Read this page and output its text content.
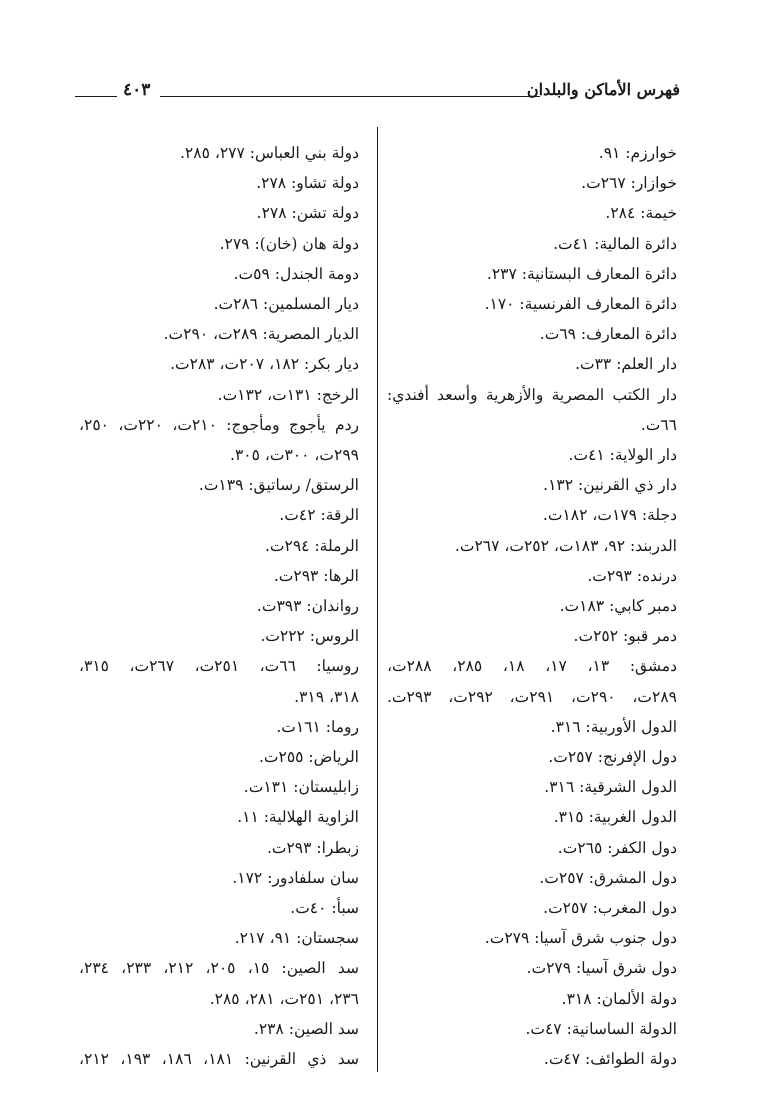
فهرس الأماكن والبلدان
٤٠٣
خوارزم: ٩١.
خوازار: ٢٦٧ت.
خيمة: ٢٨٤.
دائرة المالية: ٤١ت.
دائرة المعارف البستانية: ٢٣٧.
دائرة المعارف الفرنسية: ١٧٠.
دائرة المعارف: ٦٩ت.
دار العلم: ٣٣ت.
دار الكتب المصرية والأزهرية وأسعد أفندي:
٦٦ت.
دار الولاية: ٤١ت.
دار ذي القرنين: ١٣٢.
دجلة: ١٧٩ت، ١٨٢ت.
الدربند: ٩٢، ١٨٣ت، ٢٥٢ت، ٢٦٧ت.
درنده: ٢٩٣ت.
دمبر كابي: ١٨٣ت.
دمر قبو: ٢٥٢ت.
دمشق: ١٣، ١٧، ١٨، ٢٨٥، ٢٨٨ت،
٢٨٩ت، ٢٩٠ت، ٢٩١ت، ٢٩٢ت، ٢٩٣ت.
الدول الأوربية: ٣١٦.
دول الإفرنج: ٢٥٧ت.
الدول الشرقية: ٣١٦.
الدول الغربية: ٣١٥.
دول الكفر: ٢٦٥ت.
دول المشرق: ٢٥٧ت.
دول المغرب: ٢٥٧ت.
دول جنوب شرق آسيا: ٢٧٩ت.
دول شرق آسيا: ٢٧٩ت.
دولة الألمان: ٣١٨.
الدولة الساسانية: ٤٧ت.
دولة الطوائف: ٤٧ت.
دولة بني العباس: ٢٧٧، ٢٨٥.
دولة تشاو: ٢٧٨.
دولة تشن: ٢٧٨.
دولة هان (خان): ٢٧٩.
دومة الجندل: ٥٩ت.
ديار المسلمين: ٢٨٦ت.
الديار المصرية: ٢٨٩ت، ٢٩٠ت.
ديار بكر: ١٨٢، ٢٠٧ت، ٢٨٣ت.
الرخج: ١٣١ت، ١٣٢ت.
ردم يأجوج ومأجوج: ٢١٠ت، ٢٢٠ت، ٢٥٠،
٢٩٩ت، ٣٠٠ت، ٣٠٥.
الرستق/ رساتيق: ١٣٩ت.
الرقة: ٤٢ت.
الرملة: ٢٩٤ت.
الرها: ٢٩٣ت.
رواندان: ٣٩٣ت.
الروس: ٢٢٢ت.
روسيا: ٦٦ت، ٢٥١ت، ٢٦٧ت، ٣١٥،
٣١٨، ٣١٩.
روما: ١٦١ت.
الرياض: ٢٥٥ت.
زابليستان: ١٣١ت.
الزاوية الهلالية: ١١.
زبطرا: ٢٩٣ت.
سان سلفادور: ١٧٢.
سبأ: ٤٠ت.
سجستان: ٩١، ٢١٧.
سد الصين: ١٥، ٢٠٥، ٢١٢، ٢٣٣، ٢٣٤،
٢٣٦، ٢٥١ت، ٢٨١، ٢٨٥.
سد الصين: ٢٣٨.
سد ذي القرنين: ١٨١، ١٨٦، ١٩٣، ٢١٢،
